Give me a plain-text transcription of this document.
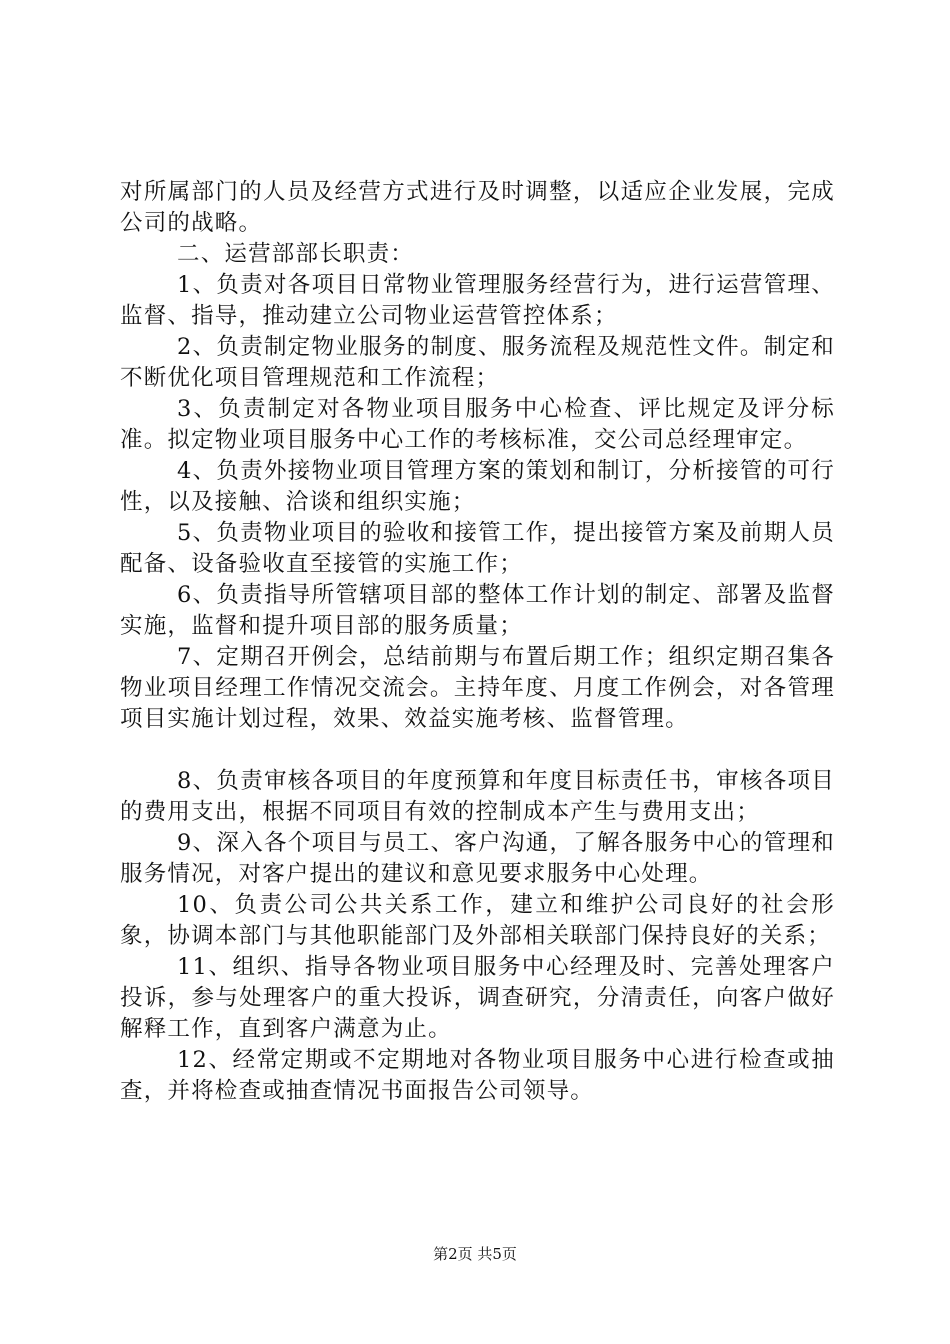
对所属部门的人员及经营方式进行及时调整，以适应企业发展，完成公司的战略。

二、运营部部长职责：

1、负责对各项目日常物业管理服务经营行为，进行运营管理、监督、指导，推动建立公司物业运营管控体系；

2、负责制定物业服务的制度、服务流程及规范性文件。制定和不断优化项目管理规范和工作流程；

3、负责制定对各物业项目服务中心检查、评比规定及评分标准。拟定物业项目服务中心工作的考核标准，交公司总经理审定。

4、负责外接物业项目管理方案的策划和制订，分析接管的可行性，以及接触、洽谈和组织实施；

5、负责物业项目的验收和接管工作，提出接管方案及前期人员配备、设备验收直至接管的实施工作；

6、负责指导所管辖项目部的整体工作计划的制定、部署及监督实施，监督和提升项目部的服务质量；

7、定期召开例会，总结前期与布置后期工作；组织定期召集各物业项目经理工作情况交流会。主持年度、月度工作例会，对各管理项目实施计划过程，效果、效益实施考核、监督管理。

8、负责审核各项目的年度预算和年度目标责任书，审核各项目的费用支出，根据不同项目有效的控制成本产生与费用支出；

9、深入各个项目与员工、客户沟通，了解各服务中心的管理和服务情况，对客户提出的建议和意见要求服务中心处理。

10、负责公司公共关系工作，建立和维护公司良好的社会形象，协调本部门与其他职能部门及外部相关联部门保持良好的关系；

11、组织、指导各物业项目服务中心经理及时、完善处理客户投诉，参与处理客户的重大投诉，调查研究，分清责任，向客户做好解释工作，直到客户满意为止。

12、经常定期或不定期地对各物业项目服务中心进行检查或抽查，并将检查或抽查情况书面报告公司领导。

第2页 共5页
